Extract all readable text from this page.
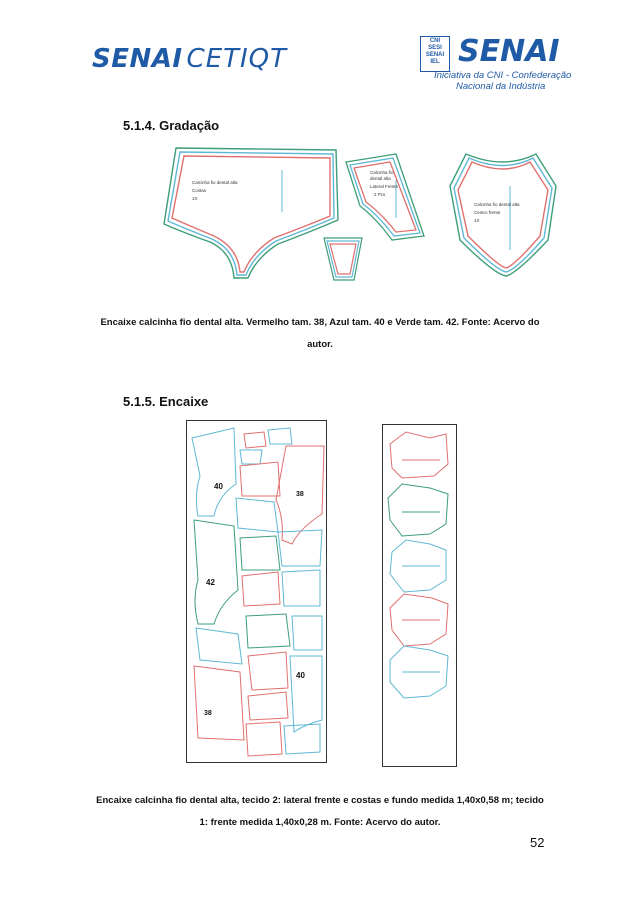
SENAI CETIQT
CNI
SESI
SENAI
IEL SENAI
Iniciativa da CNI - Confederação
Nacional da Indústria
5.1.4. Gradação
Calcinha fio dental alta
Costas
1X
Calcinha fio
dental alta
Lateral Frente
2 Pcs
Calcinha fio dental alta
Centro frente
1X
Encaixe calcinha fio dental alta. Vermelho tam. 38, Azul tam. 40 e Verde tam. 42. Fonte: Acervo do
autor.
5.1.5. Encaixe
40
38
42
40
38
Encaixe calcinha fio dental alta, tecido 2: lateral frente e costas e fundo medida 1,40x0,58 m; tecido
1: frente medida 1,40x0,28 m. Fonte: Acervo do autor.
52
